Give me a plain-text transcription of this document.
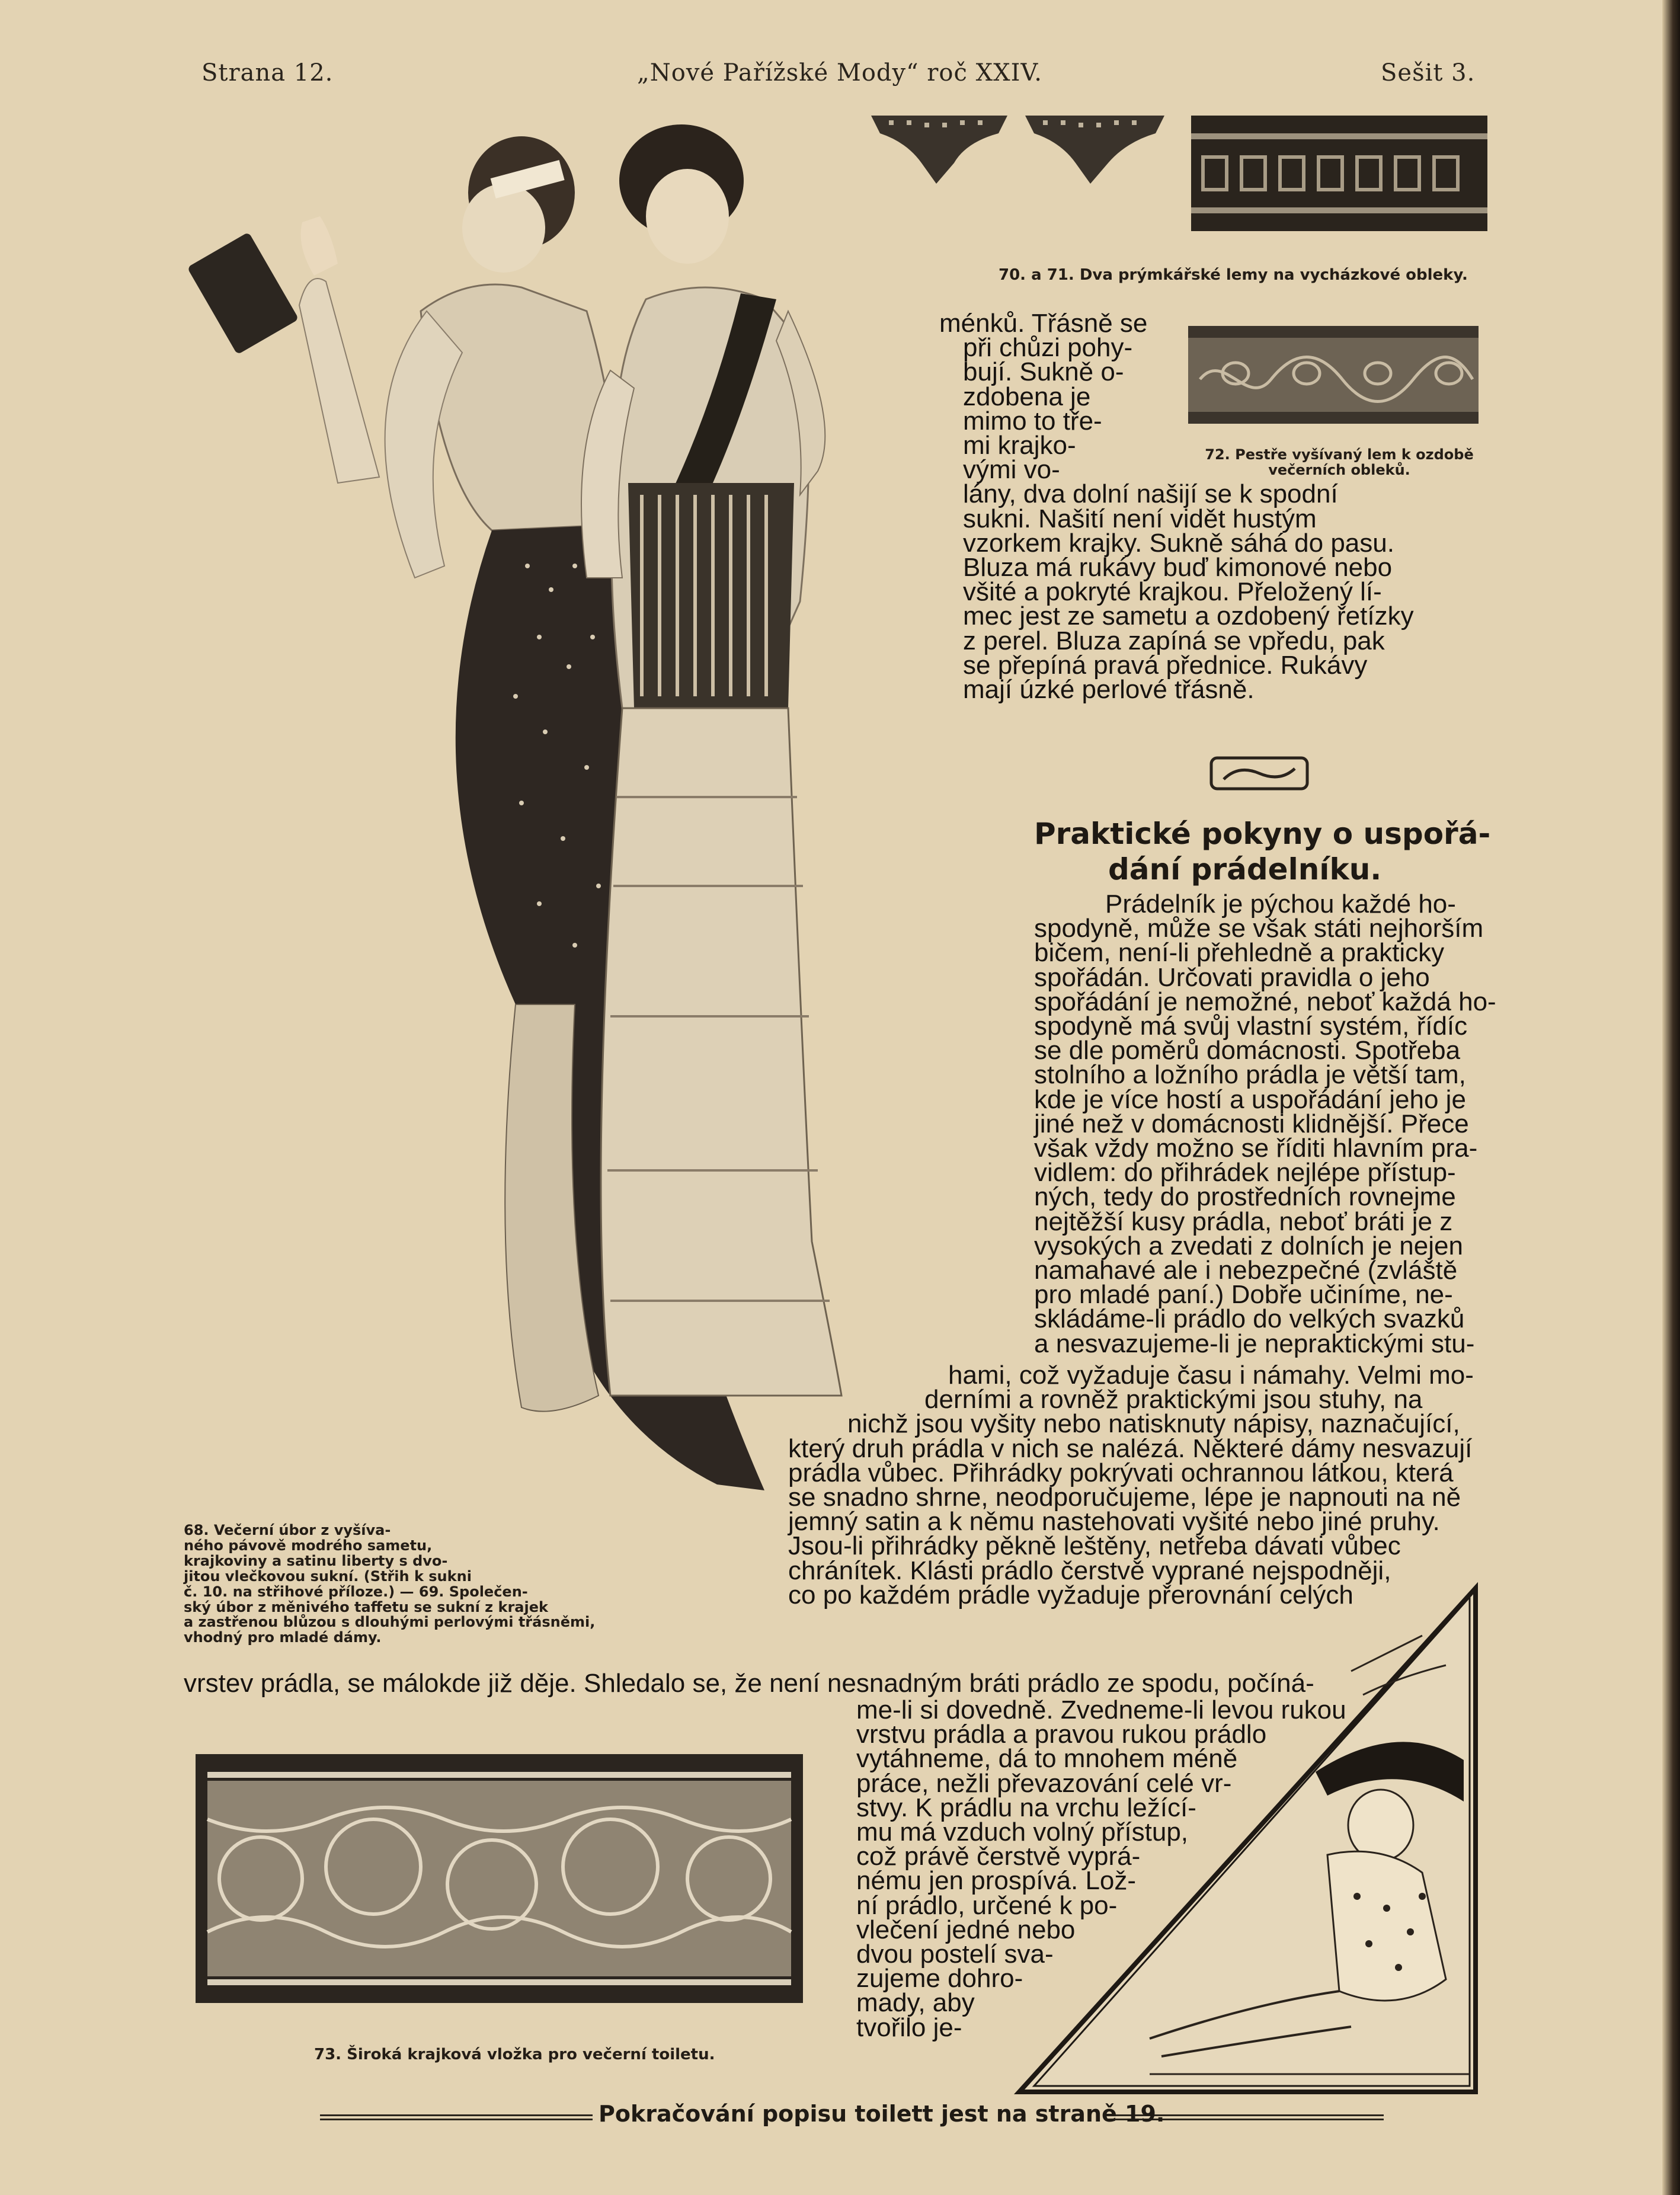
Strana 12.	„Nové Pařížské Mody“ roč XXIV.	Sešit 3.
70. a 71. Dva prýmkářské lemy na vycházkové obleky.
72. Pestře vyšívaný lem k ozdobě
večerních obleků.
68. Večerní úbor z vyšíva-
ného pávově modrého sametu,
krajkoviny a satinu liberty s dvo-
jitou vlečkovou sukní. (Střih k sukni
č. 10. na střihové příloze.) — 69. Společen-
ský úbor z měnivého taffetu se sukní z krajek
a zastřenou blůzou s dlouhými perlovými třásněmi,
vhodný pro mladé dámy.
ménků. Třásně se
při chůzi pohy-
bují. Sukně o-
zdobena je
mimo to tře-
mi krajko-
vými vo-
lány, dva dolní našijí se k spodní
sukni. Našití není vidět hustým
vzorkem krajky. Sukně sáhá do pasu.
Bluza má rukávy buď kimonové nebo
všité a pokryté krajkou. Přeložený lí-
mec jest ze sametu a ozdobený řetízky
z perel. Bluza zapíná se vpředu, pak
se přepíná pravá přednice. Rukávy
mají úzké perlové třásně.
Praktické pokyny o uspořá-
dání prádelníku.
Prádelník je pýchou každé ho-
spodyně, může se však státi nejhorším
bičem, není-li přehledně a prakticky
spořádán. Určovati pravidla o jeho
spořádání je nemožné, neboť každá ho-
spodyně má svůj vlastní systém, řídíc
se dle poměrů domácnosti. Spotřeba
stolního a ložního prádla je větší tam,
kde je více hostí a uspořádání jeho je
jiné než v domácnosti klidnější. Přece
však vždy možno se říditi hlavním pra-
vidlem: do přihrádek nejlépe přístup-
ných, tedy do prostředních rovnejme
nejtěžší kusy prádla, neboť bráti je z
vysokých a zvedati z dolních je nejen
namahavé ale i nebezpečné (zvláště
pro mladé paní.) Dobře učiníme, ne-
skládáme-li prádlo do velkých svazků
a nesvazujeme-li je nepraktickými stu-
hami, což vyžaduje času i námahy. Velmi mo-
derními a rovněž praktickými jsou stuhy, na
nichž jsou vyšity nebo natisknuty nápisy, naznačující,
který druh prádla v nich se nalézá. Některé dámy nesvazují
prádla vůbec. Přihrádky pokrývati ochrannou látkou, která
se snadno shrne, neodporučujeme, lépe je napnouti na ně
jemný satin a k němu nastehovati vyšité nebo jiné pruhy.
Jsou-li přihrádky pěkně leštěny, netřeba dávati vůbec
chránítek. Klásti prádlo čerstvě vyprané nejspodněji,
co po každém prádle vyžaduje přerovnání celých
vrstev prádla, se málokde již děje. Shledalo se, že není nesnadným bráti prádlo ze spodu, počíná-
73. Široká krajková vložka pro večerní toiletu.
me-li si dovedně. Zvedneme-li levou rukou
vrstvu prádla a pravou rukou prádlo
vytáhneme, dá to mnohem méně
práce, nežli převazování celé vr-
stvy. K prádlu na vrchu ležící-
mu má vzduch volný přístup,
což právě čerstvě vyprá-
nému jen prospívá. Lož-
ní prádlo, určené k po-
vlečení jedné nebo
dvou postelí sva-
zujeme dohro-
mady, aby
tvořilo je-
Pokračování popisu toilett jest na straně 19.
